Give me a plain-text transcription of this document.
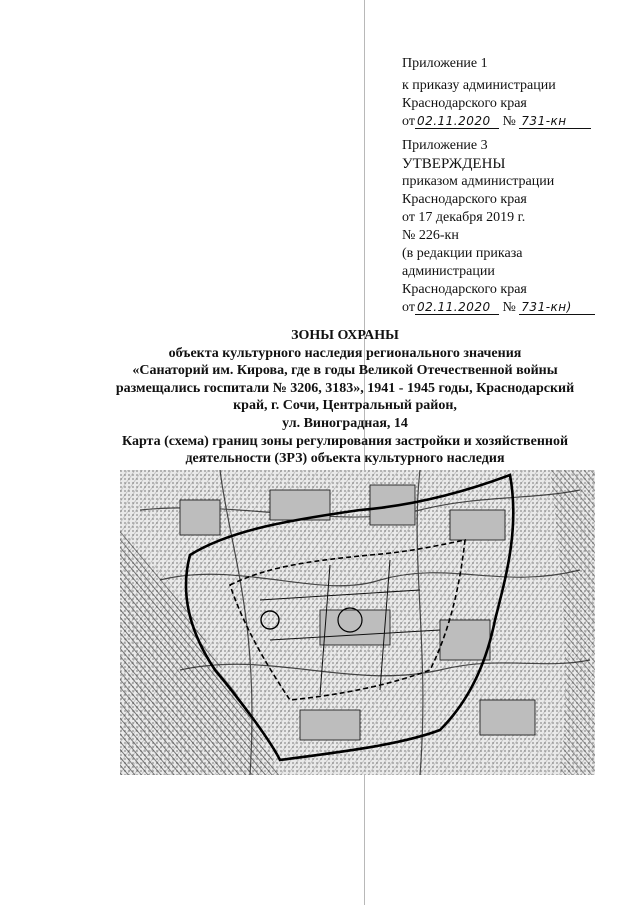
Приложение 1

к приказу администрации

Краснодарского края

от 02.11.2020 № 731-кн

Приложение 3

УТВЕРЖДЕНЫ

приказом администрации

Краснодарского края

от 17 декабря 2019 г.

№ 226-кн

(в редакции приказа

администрации

Краснодарского края

от 02.11.2020 № 731-кн)

ЗОНЫ ОХРАНЫ
объекта культурного наследия регионального значения
«Санаторий им. Кирова, где в годы Великой Отечественной войны
размещались госпитали № 3206, 3183», 1941 - 1945 годы, Краснодарский
край, г. Сочи, Центральный район,
ул. Виноградная, 14
Карта (схема) границ зоны регулирования застройки и хозяйственной
деятельности (ЗРЗ) объекта культурного наследия
